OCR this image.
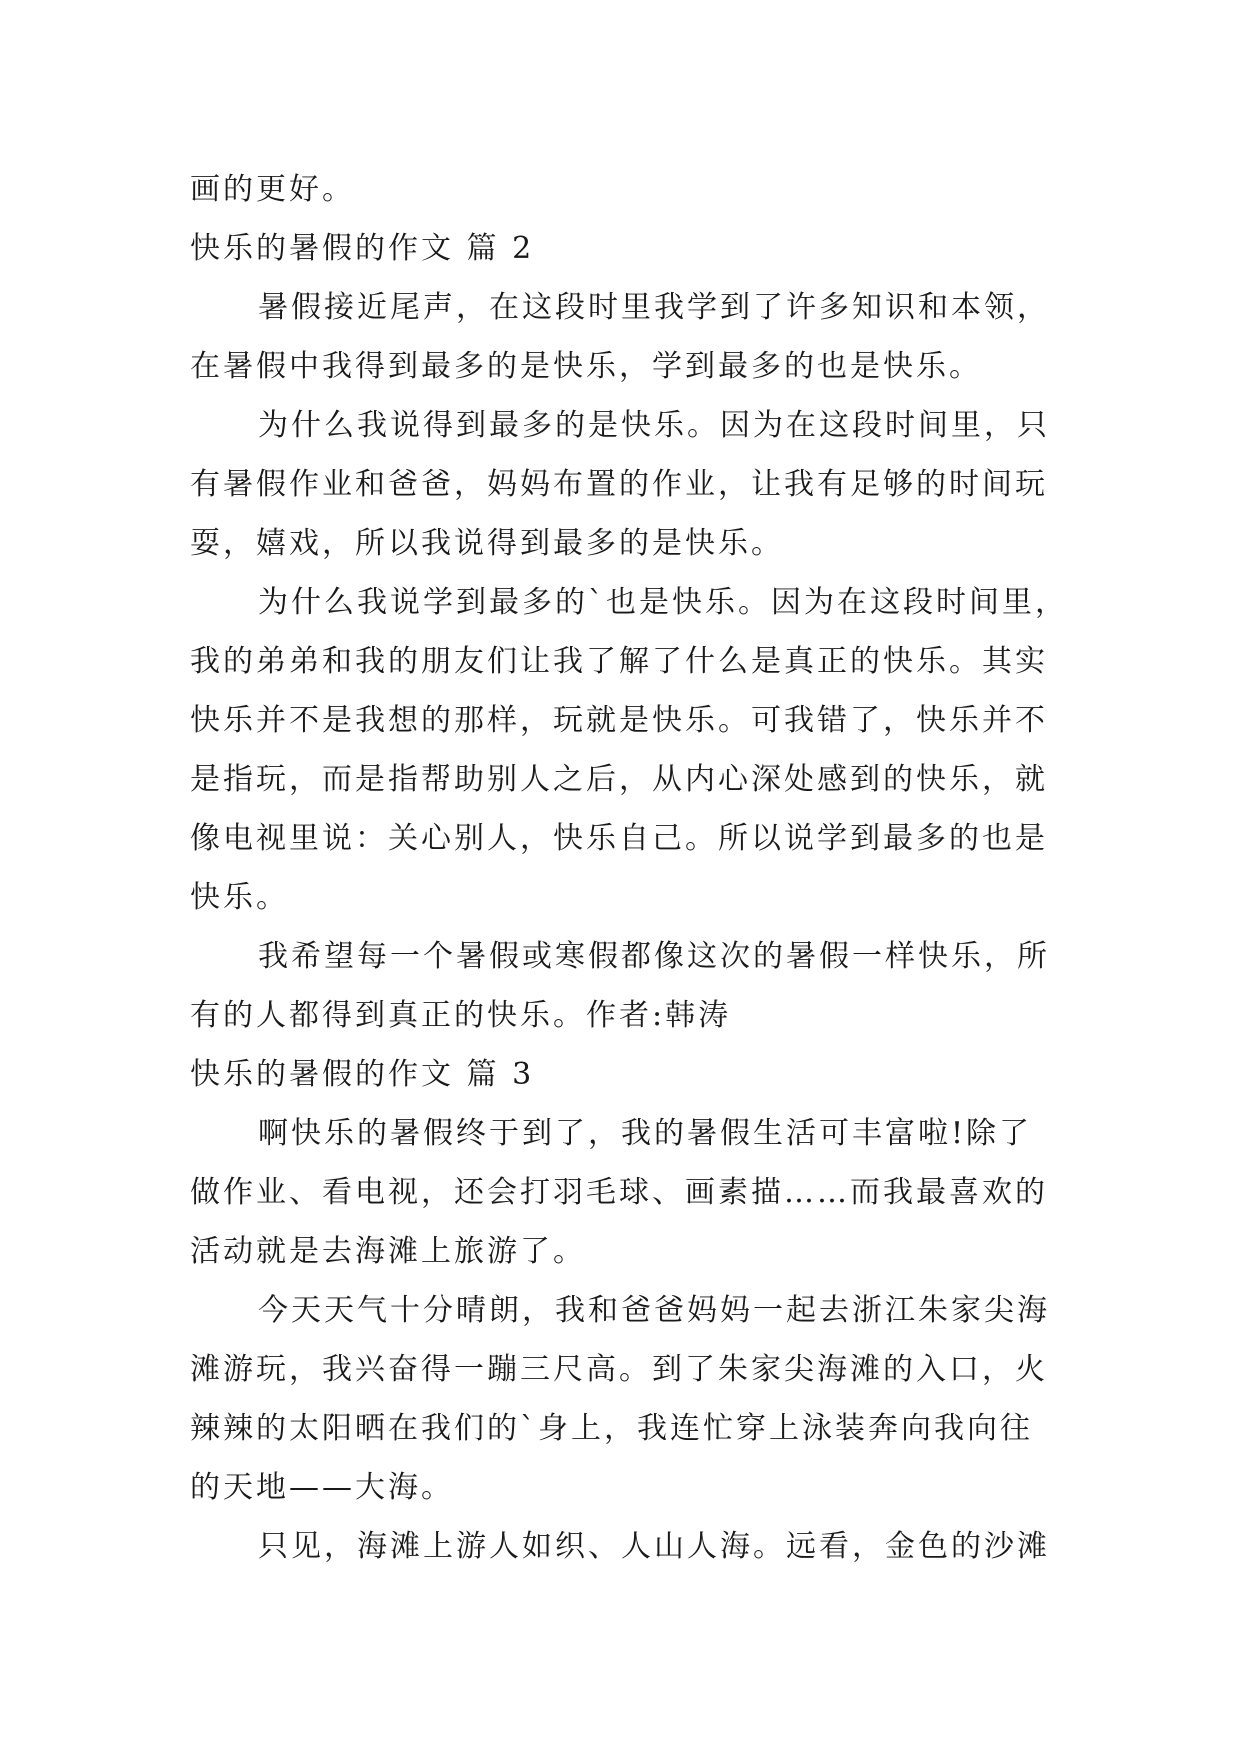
画的更好。
快乐的暑假的作文 篇 2
暑假接近尾声，在这段时里我学到了许多知识和本领，
在暑假中我得到最多的是快乐，学到最多的也是快乐。
为什么我说得到最多的是快乐。因为在这段时间里，只
有暑假作业和爸爸，妈妈布置的作业，让我有足够的时间玩
耍，嬉戏，所以我说得到最多的是快乐。
为什么我说学到最多的`也是快乐。因为在这段时间里，
我的弟弟和我的朋友们让我了解了什么是真正的快乐。其实
快乐并不是我想的那样，玩就是快乐。可我错了，快乐并不
是指玩，而是指帮助别人之后，从内心深处感到的快乐，就
像电视里说：关心别人，快乐自己。所以说学到最多的也是
快乐。
我希望每一个暑假或寒假都像这次的暑假一样快乐，所
有的人都得到真正的快乐。作者:韩涛
快乐的暑假的作文 篇 3
啊快乐的暑假终于到了，我的暑假生活可丰富啦!除了
做作业、看电视，还会打羽毛球、画素描……而我最喜欢的
活动就是去海滩上旅游了。
今天天气十分晴朗，我和爸爸妈妈一起去浙江朱家尖海
滩游玩，我兴奋得一蹦三尺高。到了朱家尖海滩的入口，火
辣辣的太阳晒在我们的`身上，我连忙穿上泳装奔向我向往
的天地——大海。
只见，海滩上游人如织、人山人海。远看，金色的沙滩
